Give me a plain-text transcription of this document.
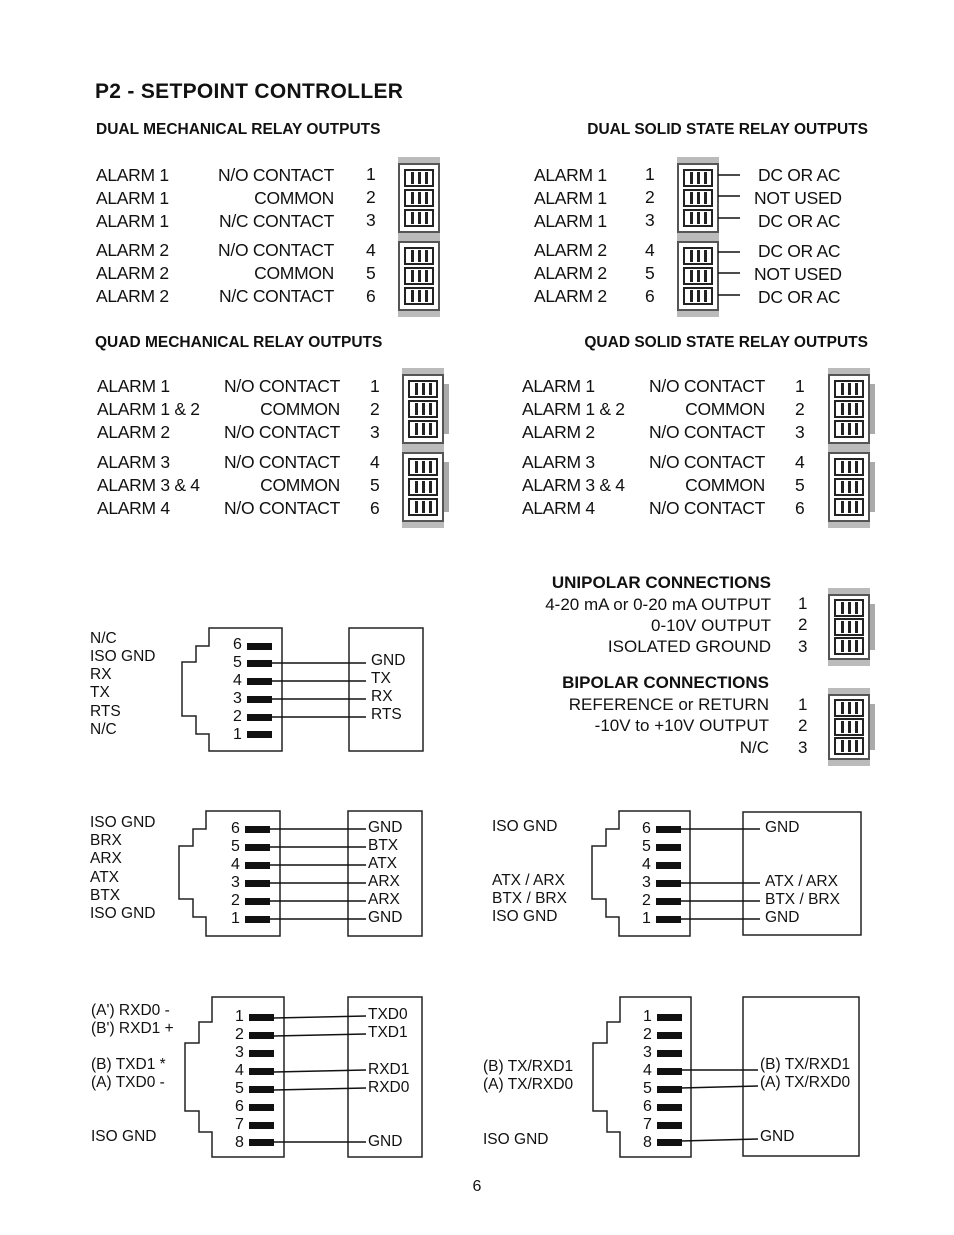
P2 - SETPOINT CONTROLLER
DUAL MECHANICAL RELAY OUTPUTS
ALARM 1
ALARM 1
ALARM 1
ALARM 2
ALARM 2
ALARM 2
N/O CONTACT
COMMON
N/C CONTACT
N/O CONTACT
COMMON
N/C CONTACT
1
2
3
4
5
6
DUAL SOLID STATE RELAY OUTPUTS
ALARM 1
ALARM 1
ALARM 1
ALARM 2
ALARM 2
ALARM 2
1
2
3
4
5
6
DC OR AC
NOT USED
DC OR AC
DC OR AC
NOT USED
DC OR AC
QUAD MECHANICAL RELAY OUTPUTS
ALARM 1
ALARM 1 & 2
ALARM 2
ALARM 3
ALARM 3 & 4
ALARM 4
N/O CONTACT
COMMON
N/O CONTACT
N/O CONTACT
COMMON
N/O CONTACT
1
2
3
4
5
6
QUAD SOLID STATE RELAY OUTPUTS
ALARM 1
ALARM 1 & 2
ALARM 2
ALARM 3
ALARM 3 & 4
ALARM 4
N/O CONTACT
COMMON
N/O CONTACT
N/O CONTACT
COMMON
N/O CONTACT
1
2
3
4
5
6
UNIPOLAR CONNECTIONS
4-20 mA or 0-20 mA OUTPUT
0-10V OUTPUT
ISOLATED GROUND
1
2
3
BIPOLAR CONNECTIONS
REFERENCE or RETURN
-10V to +10V OUTPUT
N/C
1
2
3
N/C
ISO GND
RX
TX
RTS
N/C
6
5
4
3
2
1
GND
TX
RX
RTS
ISO GND
BRX
ARX
ATX
BTX
ISO GND
6
5
4
3
2
1
GND
BTX
ATX
ARX
ARX
GND
ISO GND
ATX / ARX
BTX / BRX
ISO GND
6
5
4
3
2
1
GND
ATX / ARX
BTX / BRX
GND
(A') RXD0 -
(B') RXD1 +
(B) TXD1 *
(A) TXD0 -
ISO GND
1
2
3
4
5
6
7
8
TXD0
TXD1
RXD1
RXD0
GND
(B) TX/RXD1
(A) TX/RXD0
ISO GND
1
2
3
4
5
6
7
8
(B) TX/RXD1
(A) TX/RXD0
GND
6
